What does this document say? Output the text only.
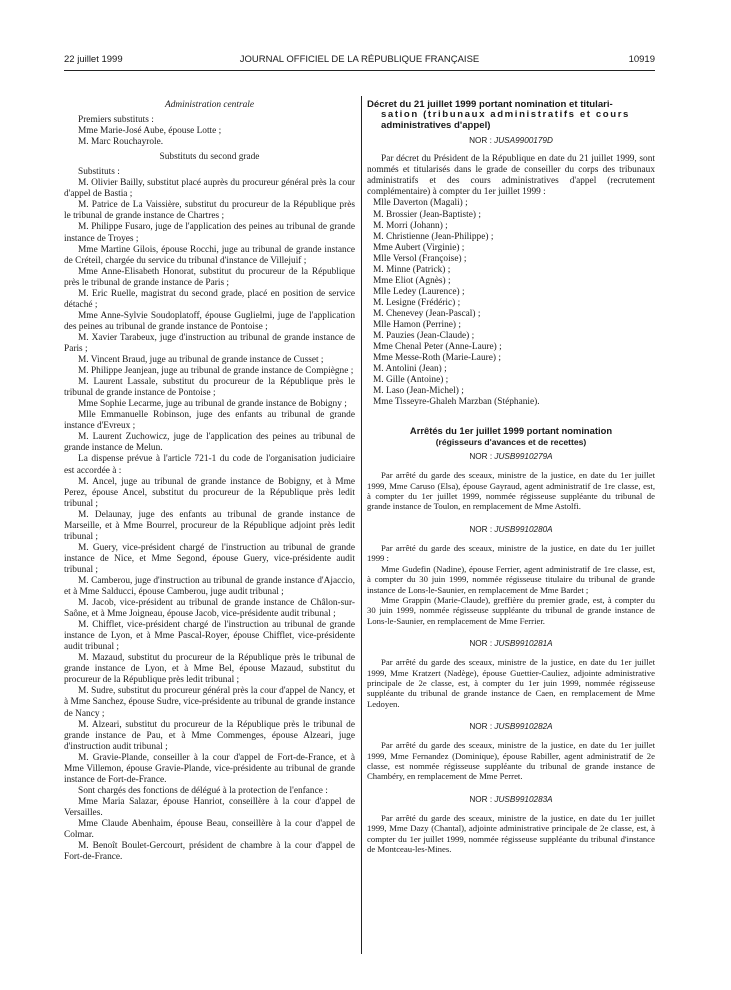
22 juillet 1999	JOURNAL OFFICIEL DE LA RÉPUBLIQUE FRANÇAISE	10919

Administration centrale

Premiers substituts :

Mme Marie-José Aube, épouse Lotte ;

M. Marc Rouchayrole.

Substituts du second grade

Substituts :

M. Olivier Bailly, substitut placé auprès du procureur général près la cour d'appel de Bastia ;

M. Patrice de La Vaissière, substitut du procureur de la République près le tribunal de grande instance de Chartres ;

M. Philippe Fusaro, juge de l'application des peines au tribunal de grande instance de Troyes ;

Mme Martine Gilois, épouse Rocchi, juge au tribunal de grande instance de Créteil, chargée du service du tribunal d'instance de Villejuif ;

Mme Anne-Elisabeth Honorat, substitut du procureur de la République près le tribunal de grande instance de Paris ;

M. Eric Ruelle, magistrat du second grade, placé en position de service détaché ;

Mme Anne-Sylvie Soudoplatoff, épouse Guglielmi, juge de l'application des peines au tribunal de grande instance de Pontoise ;

M. Xavier Tarabeux, juge d'instruction au tribunal de grande instance de Paris ;

M. Vincent Braud, juge au tribunal de grande instance de Cusset ;

M. Philippe Jeanjean, juge au tribunal de grande instance de Compiègne ;

M. Laurent Lassale, substitut du procureur de la République près le tribunal de grande instance de Pontoise ;

Mme Sophie Lecarme, juge au tribunal de grande instance de Bobigny ;

Mlle Emmanuelle Robinson, juge des enfants au tribunal de grande instance d'Evreux ;

M. Laurent Zuchowicz, juge de l'application des peines au tribunal de grande instance de Melun.

La dispense prévue à l'article 721-1 du code de l'organisation judiciaire est accordée à :

M. Ancel, juge au tribunal de grande instance de Bobigny, et à Mme Perez, épouse Ancel, substitut du procureur de la République près ledit tribunal ;

M. Delaunay, juge des enfants au tribunal de grande instance de Marseille, et à Mme Bourrel, procureur de la République adjoint près ledit tribunal ;

M. Guery, vice-président chargé de l'instruction au tribunal de grande instance de Nice, et Mme Segond, épouse Guery, vice-présidente audit tribunal ;

M. Camberou, juge d'instruction au tribunal de grande instance d'Ajaccio, et à Mme Salducci, épouse Camberou, juge audit tribunal ;

M. Jacob, vice-président au tribunal de grande instance de Châlon-sur-Saône, et à Mme Joigneau, épouse Jacob, vice-présidente audit tribunal ;

M. Chifflet, vice-président chargé de l'instruction au tribunal de grande instance de Lyon, et à Mme Pascal-Royer, épouse Chifflet, vice-présidente audit tribunal ;

M. Mazaud, substitut du procureur de la République près le tribunal de grande instance de Lyon, et à Mme Bel, épouse Mazaud, substitut du procureur de la République près ledit tribunal ;

M. Sudre, substitut du procureur général près la cour d'appel de Nancy, et à Mme Sanchez, épouse Sudre, vice-présidente au tribunal de grande instance de Nancy ;

M. Alzeari, substitut du procureur de la République près le tribunal de grande instance de Pau, et à Mme Commenges, épouse Alzeari, juge d'instruction audit tribunal ;

M. Gravie-Plande, conseiller à la cour d'appel de Fort-de-France, et à Mme Villemon, épouse Gravie-Plande, vice-présidente au tribunal de grande instance de Fort-de-France.

Sont chargés des fonctions de délégué à la protection de l'enfance :

Mme Maria Salazar, épouse Hanriot, conseillère à la cour d'appel de Versailles.

Mme Claude Abenhaim, épouse Beau, conseillère à la cour d'appel de Colmar.

M. Benoît Boulet-Gercourt, président de chambre à la cour d'appel de Fort-de-France.

Décret du 21 juillet 1999 portant nomination et titulari-
sation (tribunaux administratifs et cours
administratives d'appel)

NOR : JUSA9900179D

Par décret du Président de la République en date du 21 juillet 1999, sont nommés et titularisés dans le grade de conseiller du corps des tribunaux administratifs et des cours administratives d'appel (recrutement complémentaire) à compter du 1er juillet 1999 :

Mlle Daverton (Magali) ;

M. Brossier (Jean-Baptiste) ;

M. Morri (Johann) ;

M. Christienne (Jean-Philippe) ;

Mme Aubert (Virginie) ;

Mlle Versol (Françoise) ;

M. Minne (Patrick) ;

Mme Eliot (Agnès) ;

Mlle Ledey (Laurence) ;

M. Lesigne (Frédéric) ;

M. Chenevey (Jean-Pascal) ;

Mlle Hamon (Perrine) ;

M. Pauzies (Jean-Claude) ;

Mme Chenal Peter (Anne-Laure) ;

Mme Messe-Roth (Marie-Laure) ;

M. Antolini (Jean) ;

M. Gille (Antoine) ;

M. Laso (Jean-Michel) ;

Mme Tisseyre-Ghaleh Marzban (Stéphanie).

Arrêtés du 1er juillet 1999 portant nomination
(régisseurs d'avances et de recettes)

NOR : JUSB9910279A

Par arrêté du garde des sceaux, ministre de la justice, en date du 1er juillet 1999, Mme Caruso (Elsa), épouse Gayraud, agent administratif de 1re classe, est, à compter du 1er juillet 1999, nommée régisseuse suppléante du tribunal de grande instance de Toulon, en remplacement de Mme Astolfi.

NOR : JUSB9910280A

Par arrêté du garde des sceaux, ministre de la justice, en date du 1er juillet 1999 :

Mme Gudefin (Nadine), épouse Ferrier, agent administratif de 1re classe, est, à compter du 30 juin 1999, nommée régisseuse titulaire du tribunal de grande instance de Lons-le-Saunier, en remplacement de Mme Bardet ;

Mme Grappin (Marie-Claude), greffière du premier grade, est, à compter du 30 juin 1999, nommée régisseuse suppléante du tribunal de grande instance de Lons-le-Saunier, en remplacement de Mme Ferrier.

NOR : JUSB9910281A

Par arrêté du garde des sceaux, ministre de la justice, en date du 1er juillet 1999, Mme Kratzert (Nadège), épouse Guettier-Cauliez, adjointe administrative principale de 2e classe, est, à compter du 1er juin 1999, nommée régisseuse suppléante du tribunal de grande instance de Caen, en remplacement de Mme Ledoyen.

NOR : JUSB9910282A

Par arrêté du garde des sceaux, ministre de la justice, en date du 1er juillet 1999, Mme Fernandez (Dominique), épouse Rabiller, agent administratif de 2e classe, est nommée régisseuse suppléante du tribunal de grande instance de Chambéry, en remplacement de Mme Perret.

NOR : JUSB9910283A

Par arrêté du garde des sceaux, ministre de la justice, en date du 1er juillet 1999, Mme Dazy (Chantal), adjointe administrative principale de 2e classe, est, à compter du 1er juillet 1999, nommée régisseuse suppléante du tribunal d'instance de Montceau-les-Mines.
